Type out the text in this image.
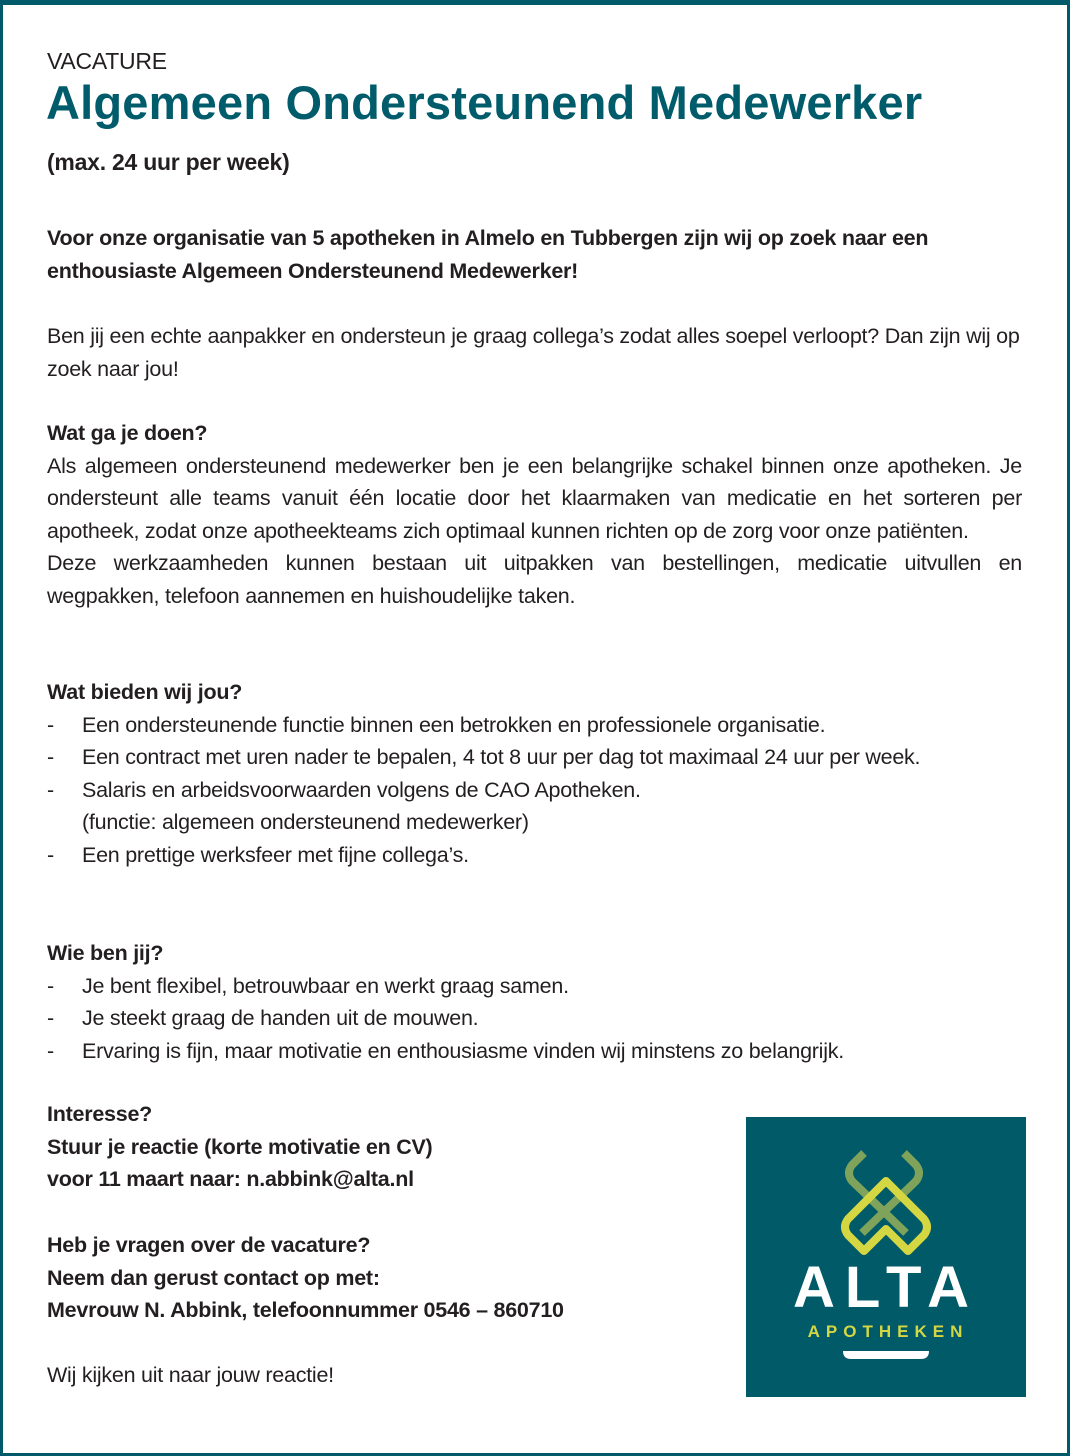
VACATURE
Algemeen Ondersteunend Medewerker
(max. 24 uur per week)
Voor onze organisatie van 5 apotheken in Almelo en Tubbergen zijn wij op zoek naar een enthousiaste Algemeen Ondersteunend Medewerker!
Ben jij een echte aanpakker en ondersteun je graag collega’s zodat alles soepel verloopt? Dan zijn wij op zoek naar jou!
Wat ga je doen?
Als algemeen ondersteunend medewerker ben je een belangrijke schakel binnen onze apotheken. Je ondersteunt alle teams vanuit één locatie door het klaarmaken van medicatie en het sorteren per apotheek, zodat onze apotheekteams zich optimaal kunnen richten op de zorg voor onze patiënten.
Deze werkzaamheden kunnen bestaan uit uitpakken van bestellingen, medicatie uitvullen en wegpakken, telefoon aannemen en huishoudelijke taken.
Wat bieden wij jou?
- Een ondersteunende functie binnen een betrokken en professionele organisatie.
- Een contract met uren nader te bepalen, 4 tot 8 uur per dag tot maximaal 24 uur per week.
- Salaris en arbeidsvoorwaarden volgens de CAO Apotheken.
(functie: algemeen ondersteunend medewerker)
- Een prettige werksfeer met fijne collega’s.
Wie ben jij?
- Je bent flexibel, betrouwbaar en werkt graag samen.
- Je steekt graag de handen uit de mouwen.
- Ervaring is fijn, maar motivatie en enthousiasme vinden wij minstens zo belangrijk.
Interesse?
Stuur je reactie (korte motivatie en CV)
voor 11 maart naar: n.abbink@alta.nl
Heb je vragen over de vacature?
Neem dan gerust contact op met:
Mevrouw N. Abbink, telefoonnummer 0546 – 860710
Wij kijken uit naar jouw reactie!
ALTA
APOTHEKEN
